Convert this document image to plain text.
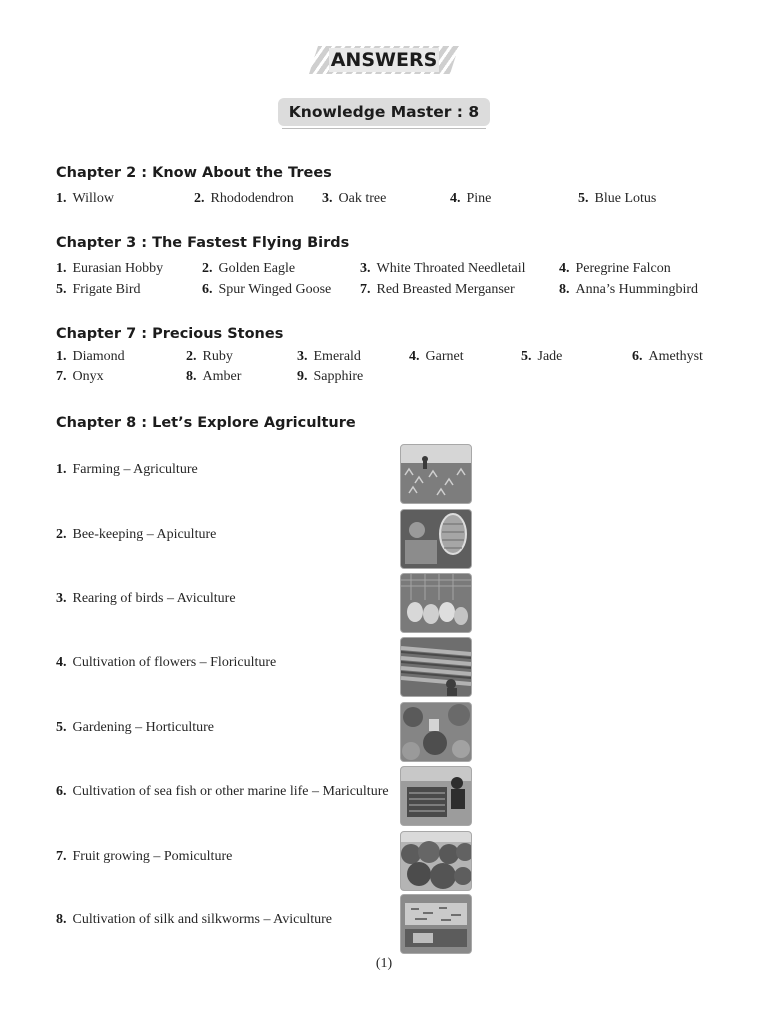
ANSWERS
Knowledge Master : 8
Chapter 2 : Know About the Trees
1. Willow	2. Rhododendron 3. Oak tree	4. Pine	5. Blue Lotus
Chapter 3 : The Fastest Flying Birds
1. Eurasian Hobby	2. Golden Eagle	3. White Throated Needletail 4. Peregrine Falcon
5. Frigate Bird	6. Spur Winged Goose 7. Red Breasted Merganser	8. Anna’s Hummingbird
Chapter 7 : Precious Stones
1. Diamond	2. Ruby	3. Emerald	4. Garnet	5. Jade	6. Amethyst
7. Onyx	8. Amber	9. Sapphire
Chapter 8 : Let’s Explore Agriculture
1. Farming – Agriculture
2. Bee-keeping – Apiculture
3. Rearing of birds – Aviculture
4. Cultivation of flowers – Floriculture
5. Gardening – Horticulture
6. Cultivation of sea fish or other marine life – Mariculture
7. Fruit growing – Pomiculture
8. Cultivation of silk and silkworms – Aviculture
(1)
